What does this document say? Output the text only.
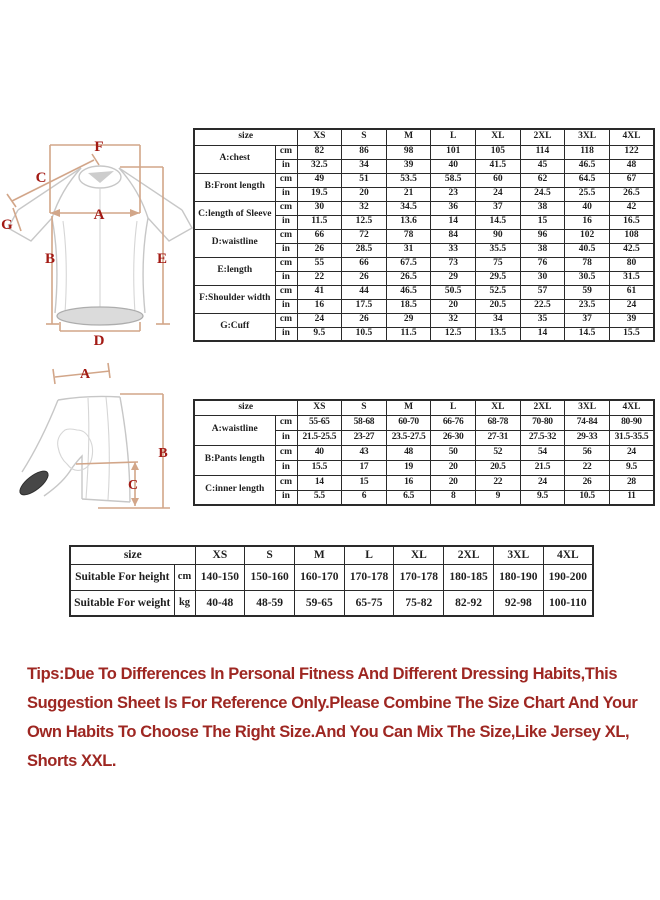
F
C
G
A
B	E
D
A
B
C
size		XS	S	M	L	XL	2XL	3XL	4XL
A:chest	cm	82	86	98	101	105	114	118	122
	in	32.5	34	39	40	41.5	45	46.5	48
B:Front length	cm	49	51	53.5	58.5	60	62	64.5	67
	in	19.5	20	21	23	24	24.5	25.5	26.5
C:length of Sleeve	cm	30	32	34.5	36	37	38	40	42
	in	11.5	12.5	13.6	14	14.5	15	16	16.5
D:waistline	cm	66	72	78	84	90	96	102	108
	in	26	28.5	31	33	35.5	38	40.5	42.5
E:length	cm	55	66	67.5	73	75	76	78	80
	in	22	26	26.5	29	29.5	30	30.5	31.5
F:Shoulder width	cm	41	44	46.5	50.5	52.5	57	59	61
	in	16	17.5	18.5	20	20.5	22.5	23.5	24
G:Cuff	cm	24	26	29	32	34	35	37	39
	in	9.5	10.5	11.5	12.5	13.5	14	14.5	15.5
size		XS	S	M	L	XL	2XL	3XL	4XL
A:waistline	cm	55-65	58-68	60-70	66-76	68-78	70-80	74-84	80-90
	in	21.5-25.5	23-27	23.5-27.5	26-30	27-31	27.5-32	29-33	31.5-35.5
B:Pants length	cm	40	43	48	50	52	54	56	24
	in	15.5	17	19	20	20.5	21.5	22	9.5
C:inner length	cm	14	15	16	20	22	24	26	28
	in	5.5	6	6.5	8	9	9.5	10.5	11
size		XS	S	M	L	XL	2XL	3XL	4XL
Suitable For height	cm	140-150	150-160	160-170	170-178	170-178	180-185	180-190	190-200
Suitable For weight	kg	40-48	48-59	59-65	65-75	75-82	82-92	92-98	100-110
Tips:Due To Differences In Personal Fitness And Different Dressing Habits,This
Suggestion Sheet Is For Reference Only.Please Combine The Size Chart And Your
Own Habits To Choose The Right Size.And You Can Mix The Size,Like Jersey XL,
Shorts XXL.
